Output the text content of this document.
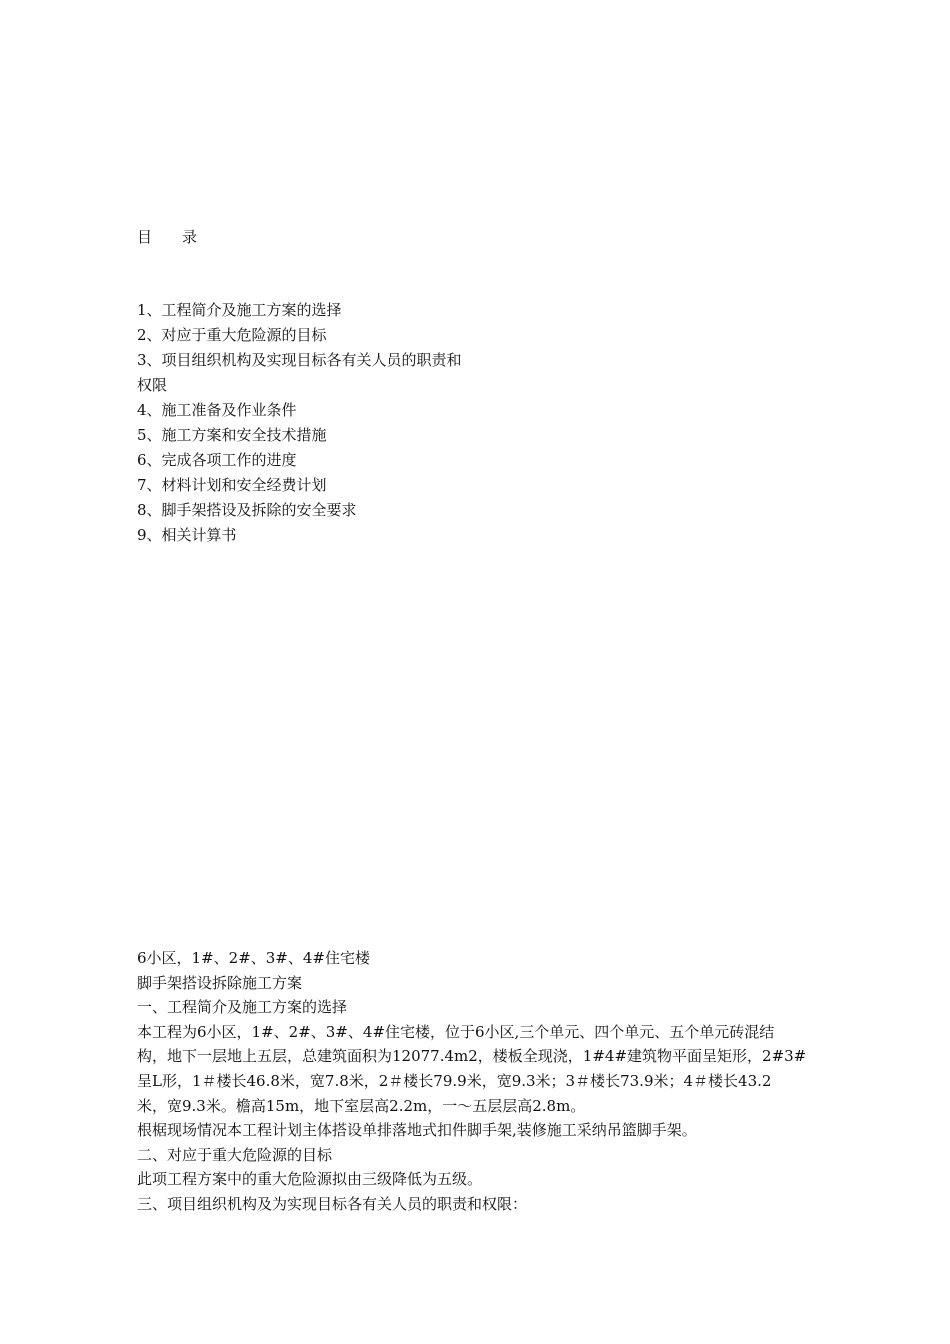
目　　录
1、工程简介及施工方案的选择
2、对应于重大危险源的目标
3、项目组织机构及实现目标各有关人员的职责和
权限
4、施工准备及作业条件
5、施工方案和安全技术措施
6、完成各项工作的进度
7、材料计划和安全经费计划
8、脚手架搭设及拆除的安全要求
9、相关计算书

6小区，1#、2#、3#、4#住宅楼

脚手架搭设拆除施工方案

一、工程简介及施工方案的选择

本工程为6小区，1#、2#、3#、4#住宅楼，位于6小区,三个单元、四个单元、五个单元砖混结

构，地下一层地上五层，总建筑面积为12077.4m2，楼板全现浇，1#4#建筑物平面呈矩形，2#3#

呈L形，1＃楼长46.8米，宽7.8米，2＃楼长79.9米，宽9.3米；3＃楼长73.9米；4＃楼长43.2

米，宽9.3米。檐高15m，地下室层高2.2m，一～五层层高2.8m。

根椐现场情况本工程计划主体搭设单排落地式扣件脚手架,装修施工采纳吊篮脚手架。

二、对应于重大危险源的目标

此项工程方案中的重大危险源拟由三级降低为五级。

三、项目组织机构及为实现目标各有关人员的职责和权限：
